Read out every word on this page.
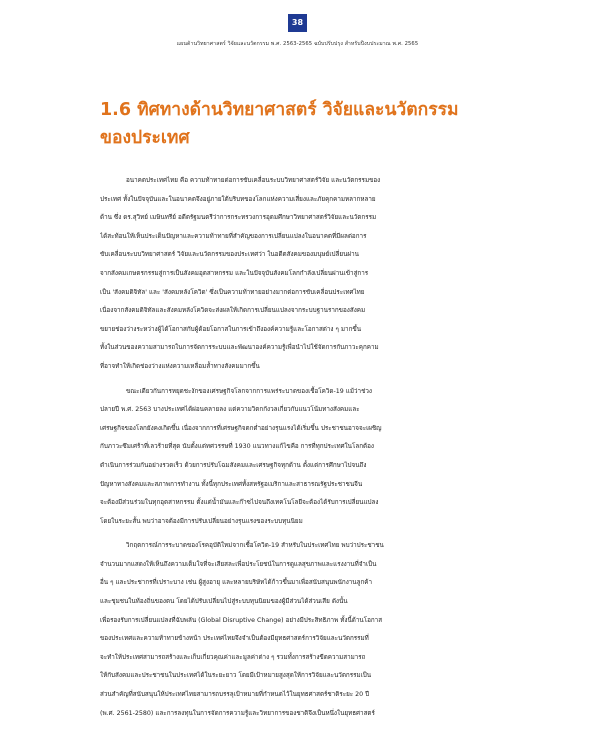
38
แผนด้านวิทยาศาสตร์ วิจัยและนวัตกรรม พ.ศ. 2563-2565 ฉบับปรับปรุง สำหรับปีงบประมาณ พ.ศ. 2565
1.6 ทิศทางด้านวิทยาศาสตร์ วิจัยและนวัตกรรม
ของประเทศ

อนาคตประเทศไทย คือ ความท้าทายต่อการขับเคลื่อนระบบวิทยาศาสตร์วิจัย และนวัตกรรมของ
ประเทศ ทั้งในปัจจุบันและในอนาคตจึงอยู่ภายใต้บริบทของโลกแห่งความเสี่ยงและภัยคุกคามหลากหลาย
ด้าน ซึ่ง ดร.สุวิทย์ เมษินทรีย์ อดีตรัฐมนตรีว่าการกระทรวงการอุดมศึกษาวิทยาศาสตร์วิจัยและนวัตกรรม
ได้สะท้อนให้เห็นประเด็นปัญหาและความท้าทายที่สำคัญของการเปลี่ยนแปลงในอนาคตที่มีผลต่อการ
ขับเคลื่อนระบบวิทยาศาสตร์ วิจัยและนวัตกรรมของประเทศว่า ในอดีตสังคมของมนุษย์เปลี่ยนผ่าน
จากสังคมเกษตรกรรมสู่การเป็นสังคมอุตสาหกรรม และในปัจจุบันสังคมโลกกำลังเปลี่ยนผ่านเข้าสู่การ
เป็น 'สังคมดิจิทัล' และ 'สังคมหลังโควิด' ซึ่งเป็นความท้าทายอย่างมากต่อการขับเคลื่อนประเทศไทย
เนื่องจากสังคมดิจิทัลและสังคมหลังโควิดจะส่งผลให้เกิดการเปลี่ยนแปลงจากระบบฐานรากของสังคม
ขยายช่องว่างระหว่างผู้ได้โอกาสกับผู้ด้อยโอกาสในการเข้าถึงองค์ความรู้และโอกาสต่าง ๆ มากขึ้น
ทั้งในส่วนของความสามารถในการจัดการระบบและพัฒนาองค์ความรู้เพื่อนำไปใช้จัดการกับภาวะคุกคาม
ที่อาจทำให้เกิดช่องว่างแห่งความเหลื่อมล้ำทางสังคมมากขึ้น

ขณะเดียวกันการหยุดชะงักของเศรษฐกิจโลกจากการแพร่ระบาดของเชื้อโควิด-19 แม้ว่าช่วง
ปลายปี พ.ศ. 2563 บางประเทศได้ผ่อนคลายลง แต่ความวิตกกังวลเกี่ยวกับแนวโน้มทางสังคมและ
เศรษฐกิจของโลกยังคงเกิดขึ้น เนื่องจากการที่เศรษฐกิจตกต่ำอย่างรุนแรงได้เริ่มขึ้น ประชาชนอาจจะเผชิญ
กับภาวะซึมเศร้าที่เลวร้ายที่สุด นับตั้งแต่ทศวรรษที่ 1930 แนวทางแก้ไขคือ การที่ทุกประเทศในโลกต้อง
ดำเนินการร่วมกันอย่างรวดเร็ว ด้วยการปรับโฉมสังคมและเศรษฐกิจทุกด้าน ตั้งแต่การศึกษาไปจนถึง
ปัญหาทางสังคมและสภาพการทำงาน ทั้งนี้ทุกประเทศทั้งสหรัฐอเมริกาและสาธารณรัฐประชาชนจีน
จะต้องมีส่วนร่วมในทุกอุตสาหกรรม ตั้งแต่น้ำมันและก๊าซไปจนถึงเทคโนโลยีจะต้องได้รับการเปลี่ยนแปลง
โดยในระยะสั้น พบว่าอาจต้องมีการปรับเปลี่ยนอย่างรุนแรงของระบบทุนนิยม

วิกฤตการณ์การระบาดของโรคอุบัติใหม่จากเชื้อโควิด-19 สำหรับในประเทศไทย พบว่าประชาชน
จำนวนมากแสดงให้เห็นถึงความเต็มใจที่จะเสียสละเพื่อประโยชน์ในการดูแลสุขภาพและแรงงานที่จำเป็น
อื่น ๆ และประชากรที่เปราะบาง เช่น ผู้สูงอายุ และหลายบริษัทได้ก้าวขึ้นมาเพื่อสนับสนุนพนักงานลูกค้า
และชุมชนในท้องถิ่นของตน โดยได้ปรับเปลี่ยนไปสู่ระบบทุนนิยมของผู้มีส่วนได้ส่วนเสีย ดังนั้น
เพื่อรองรับการเปลี่ยนแปลงที่ฉับพลัน (Global Disruptive Change) อย่างมีประสิทธิภาพ ทั้งนี้ด้านโอกาส
ของประเทศและความท้าทายข้างหน้า ประเทศไทยจึงจำเป็นต้องมียุทธศาสตร์การวิจัยและนวัตกรรมที่
จะทำให้ประเทศสามารถสร้างและเก็บเกี่ยวคุณค่าและมูลค่าต่าง ๆ รวมทั้งการสร้างขีดความสามารถ
ให้กับสังคมและประชาชนในประเทศได้ในระยะยาว โดยมีเป้าหมายสูงสุดให้การวิจัยและนวัตกรรมเป็น
ส่วนสำคัญที่สนับสนุนให้ประเทศไทยสามารถบรรลุเป้าหมายที่กำหนดไว้ในยุทธศาสตร์ชาติระยะ 20 ปี
(พ.ศ. 2561-2580) และการลงทุนในการจัดการความรู้และวิทยาการของชาติจึงเป็นหนึ่งในยุทธศาสตร์
